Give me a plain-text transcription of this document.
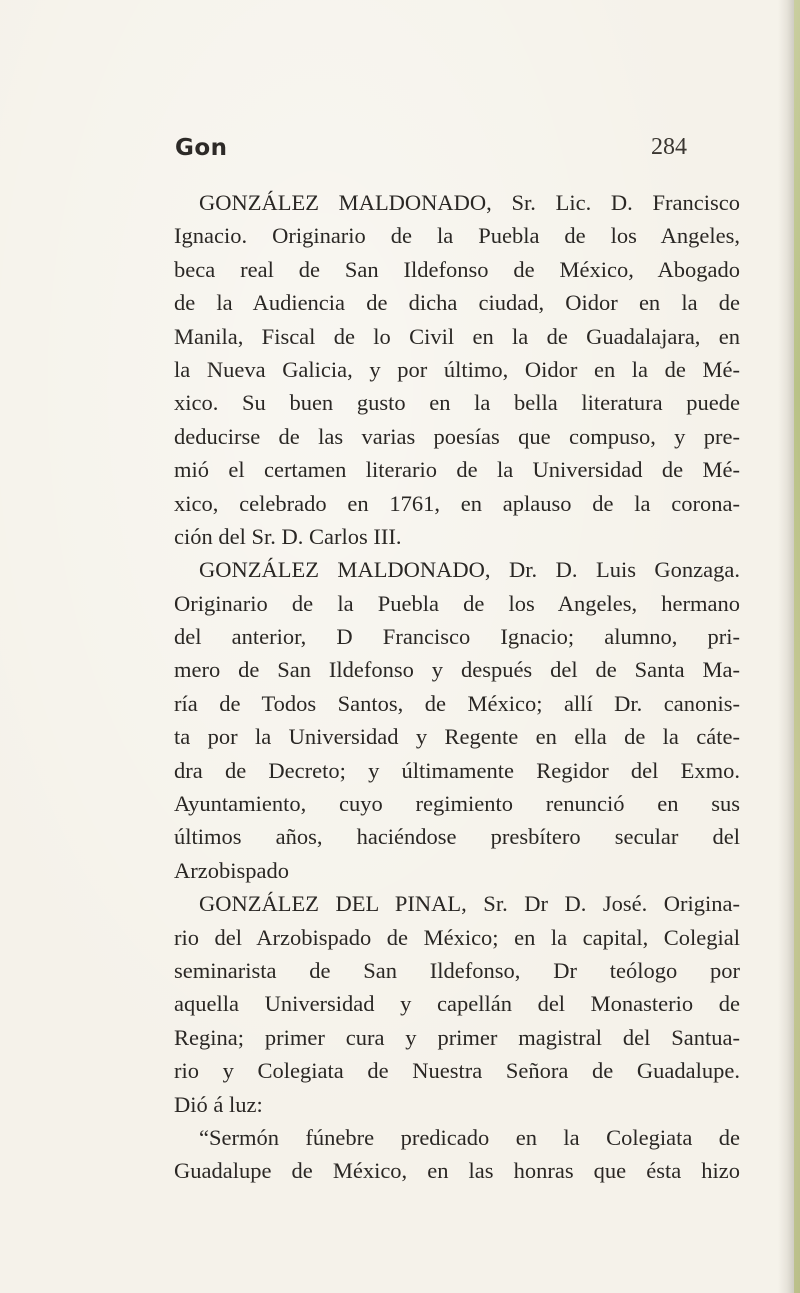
Gon	284
GONZÁLEZ MALDONADO, Sr. Lic. D. Francisco
Ignacio. Originario de la Puebla de los Angeles,
beca real de San Ildefonso de México, Abogado
de la Audiencia de dicha ciudad, Oidor en la de
Manila, Fiscal de lo Civil en la de Guadalajara, en
la Nueva Galicia, y por último, Oidor en la de Mé-
xico. Su buen gusto en la bella literatura puede
deducirse de las varias poesías que compuso, y pre-
mió el certamen literario de la Universidad de Mé-
xico, celebrado en 1761, en aplauso de la corona-
ción del Sr. D. Carlos III.
GONZÁLEZ MALDONADO, Dr. D. Luis Gonzaga.
Originario de la Puebla de los Angeles, hermano
del anterior, D Francisco Ignacio; alumno, pri-
mero de San Ildefonso y después del de Santa Ma-
ría de Todos Santos, de México; allí Dr. canonis-
ta por la Universidad y Regente en ella de la cáte-
dra de Decreto; y últimamente Regidor del Exmo.
Ayuntamiento, cuyo regimiento renunció en sus
últimos años, haciéndose presbítero secular del
Arzobispado
GONZÁLEZ DEL PINAL, Sr. Dr D. José. Origina-
rio del Arzobispado de México; en la capital, Colegial
seminarista de San Ildefonso, Dr teólogo por
aquella Universidad y capellán del Monasterio de
Regina; primer cura y primer magistral del Santua-
rio y Colegiata de Nuestra Señora de Guadalupe.
Dió á luz:
“Sermón fúnebre predicado en la Colegiata de
Guadalupe de México, en las honras que ésta hizo
